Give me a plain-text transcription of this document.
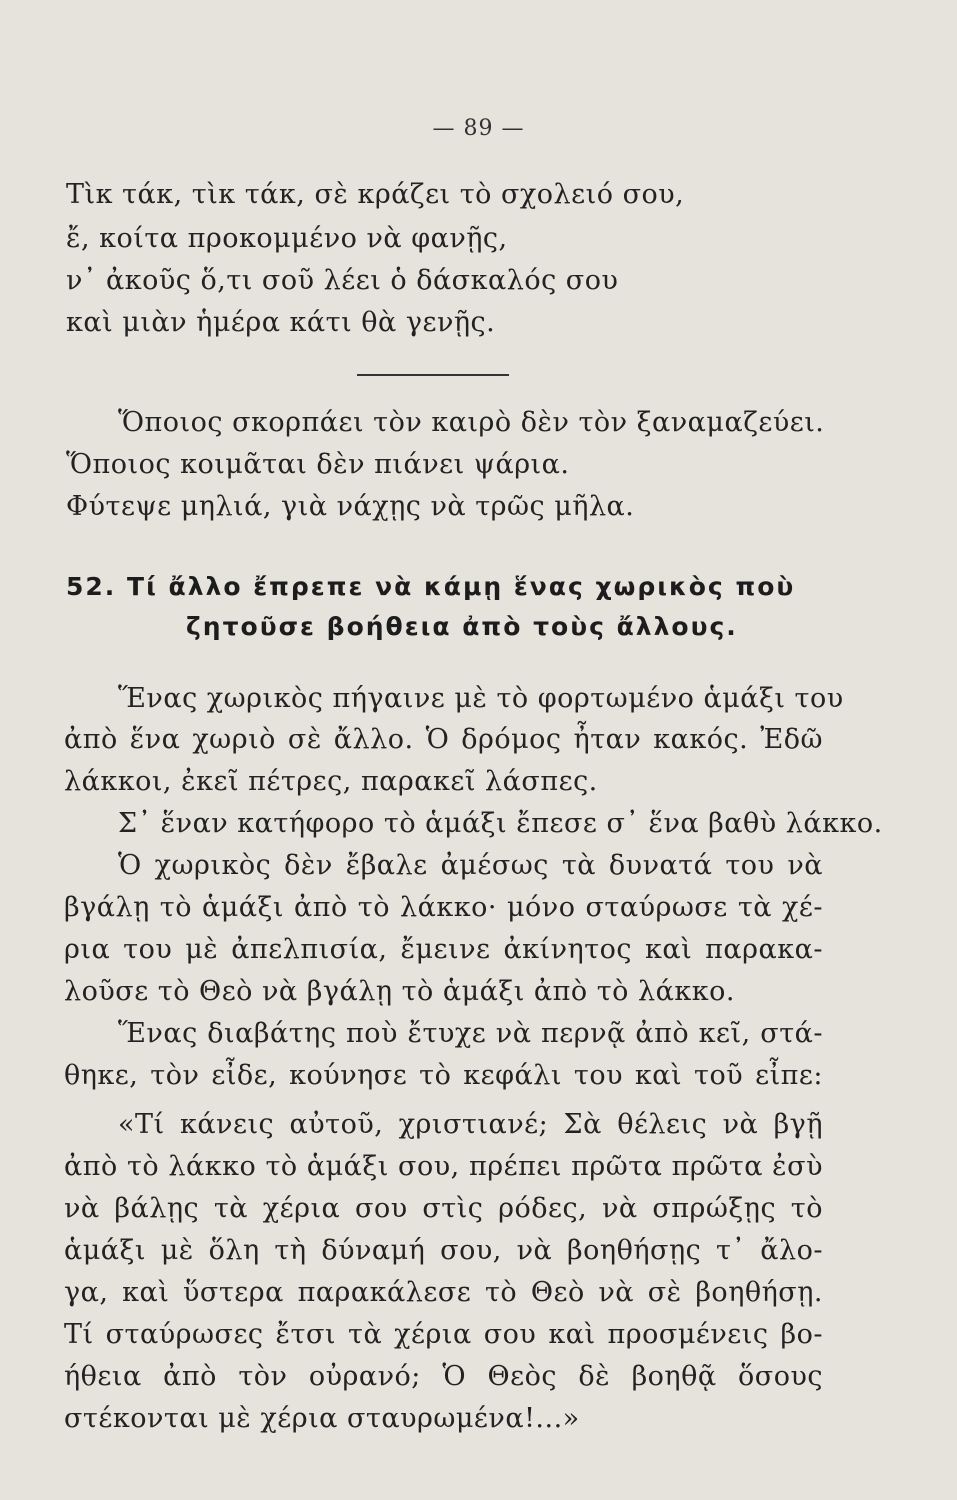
— 89 —
Τὶκ τάκ, τὶκ τάκ, σὲ κράζει τὸ σχολειό σου,
ἔ, κοίτα προκομμένο νὰ φανῇς,
ν᾿ ἀκοῦς ὅ,τι σοῦ λέει ὁ δάσκαλός σου
καὶ μιὰν ἡμέρα κάτι θὰ γενῇς.
Ὅποιος σκορπάει τὸν καιρὸ δὲν τὸν ξαναμαζεύει.
Ὅποιος κοιμᾶται δὲν πιάνει ψάρια.
Φύτεψε μηλιά, γιὰ νάχῃς νὰ τρῶς μῆλα.
52. Τί ἄλλο ἔπρεπε νὰ κάμῃ ἕνας χωρικὸς ποὺ
ζητοῦσε βοήθεια ἀπὸ τοὺς ἄλλους.
Ἕνας χωρικὸς πήγαινε μὲ τὸ φορτωμένο ἁμάξι του
ἀπὸ ἕνα χωριὸ σὲ ἄλλο. Ὁ δρόμος ἦταν κακός. Ἐδῶ
λάκκοι, ἐκεῖ πέτρες, παρακεῖ λάσπες.
Σ᾿ ἕναν κατήφορο τὸ ἁμάξι ἔπεσε σ᾿ ἕνα βαθὺ λάκκο.
Ὁ χωρικὸς δὲν ἔβαλε ἀμέσως τὰ δυνατά του νὰ
βγάλῃ τὸ ἁμάξι ἀπὸ τὸ λάκκο· μόνο σταύρωσε τὰ χέ-
ρια του μὲ ἀπελπισία, ἔμεινε ἀκίνητος καὶ παρακα-
λοῦσε τὸ Θεὸ νὰ βγάλῃ τὸ ἁμάξι ἀπὸ τὸ λάκκο.
Ἕνας διαβάτης ποὺ ἔτυχε νὰ περνᾷ ἀπὸ κεῖ, στά-
θηκε, τὸν εἶδε, κούνησε τὸ κεφάλι του καὶ τοῦ εἶπε:
«Τί κάνεις αὐτοῦ, χριστιανέ; Σὰ θέλεις νὰ βγῇ
ἀπὸ τὸ λάκκο τὸ ἁμάξι σου, πρέπει πρῶτα πρῶτα ἐσὺ
νὰ βάλῃς τὰ χέρια σου στὶς ρόδες, νὰ σπρώξῃς τὸ
ἁμάξι μὲ ὅλη τὴ δύναμή σου, νὰ βοηθήσῃς τ᾿ ἄλο-
γα, καὶ ὕστερα παρακάλεσε τὸ Θεὸ νὰ σὲ βοηθήσῃ.
Τί σταύρωσες ἔτσι τὰ χέρια σου καὶ προσμένεις βο-
ήθεια ἀπὸ τὸν οὐρανό; Ὁ Θεὸς δὲ βοηθᾷ ὅσους
στέκονται μὲ χέρια σταυρωμένα!...»
